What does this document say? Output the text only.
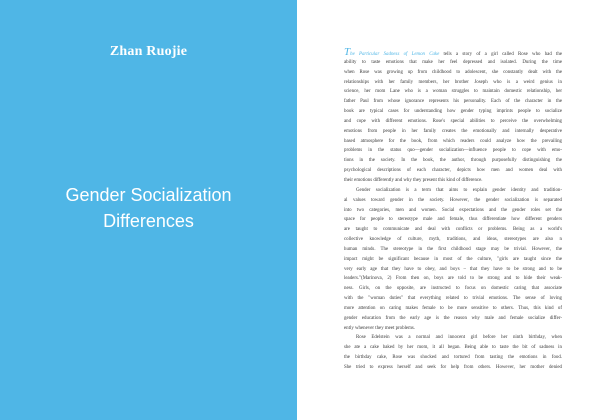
Zhan Ruojie
Gender Socialization
Differences
The Particular Sadness of Lemon Cake tells a story of a girl called Rose who had the
ability to taste emotions that make her feel depressed and isolated. During the time
when Rose was growing up from childhood to adolescent, she constantly dealt with the
relationships with her family members, her brother Joseph who is a weird genius in
science, her mom Lane who is a woman struggles to maintain domestic relationship, her
father Paul from whose ignorance represents his personality. Each of the character in the
book are typical cases for understanding how gender typing imprints people to socialize
and cope with different emotions. Rose's special abilities to perceive the overwhelming
emotions from people in her family creates the emotionally and internally desperative
based atmosphere for the book, from which readers could analyze how the prevailing
problems in the status quo—gender socialization—influence people to cope with emo-
tions in the society. In the book, the author, through purposefully distinguishing the
psychological descriptions of each character, depicts how men and women deal with
their emotions differently and why they present this kind of difference.
Gender socialization is a term that aims to explain gender identity and tradition-
al values toward gender in the society. However, the gender socialization is separated
into two categories, men and women. Social expectations and the gender roles set the
space for people to stereotype male and female, thus differentiate how different genders
are taught to communicate and deal with conflicts or problems. Being as a world's
collective knowledge of culture, myth, traditions, and ideas, stereotypes are also n
human minds. The stereotype in the first childhood stage may be trivial. However, the
impact might be significant because in most of the culture, "girls are taught since the
very early age that they have to obey, and boys – that they have to be strong and to be
leaders."(Marinova, 2) From then on, boys are told to be strong and to hide their weak-
ness. Girls, on the opposite, are instructed to focus on domestic caring that associate
with the "woman duties" that everything related to trivial emotions. The sense of loving
more attention on caring makes female to be more sensitive to others. Thus, this kind of
gender education from the early age is the reason why male and female socialize differ-
ently whenever they meet problems.
Rose Edelstein was a normal and innocent girl before her ninth birthday, when
she ate a cake baked by her mom, it all began. Being able to taste the bit of sadness in
the birthday cake, Rose was shocked and tortured from tasting the emotions in food.
She tried to express herself and seek for help from others. However, her mother denied
